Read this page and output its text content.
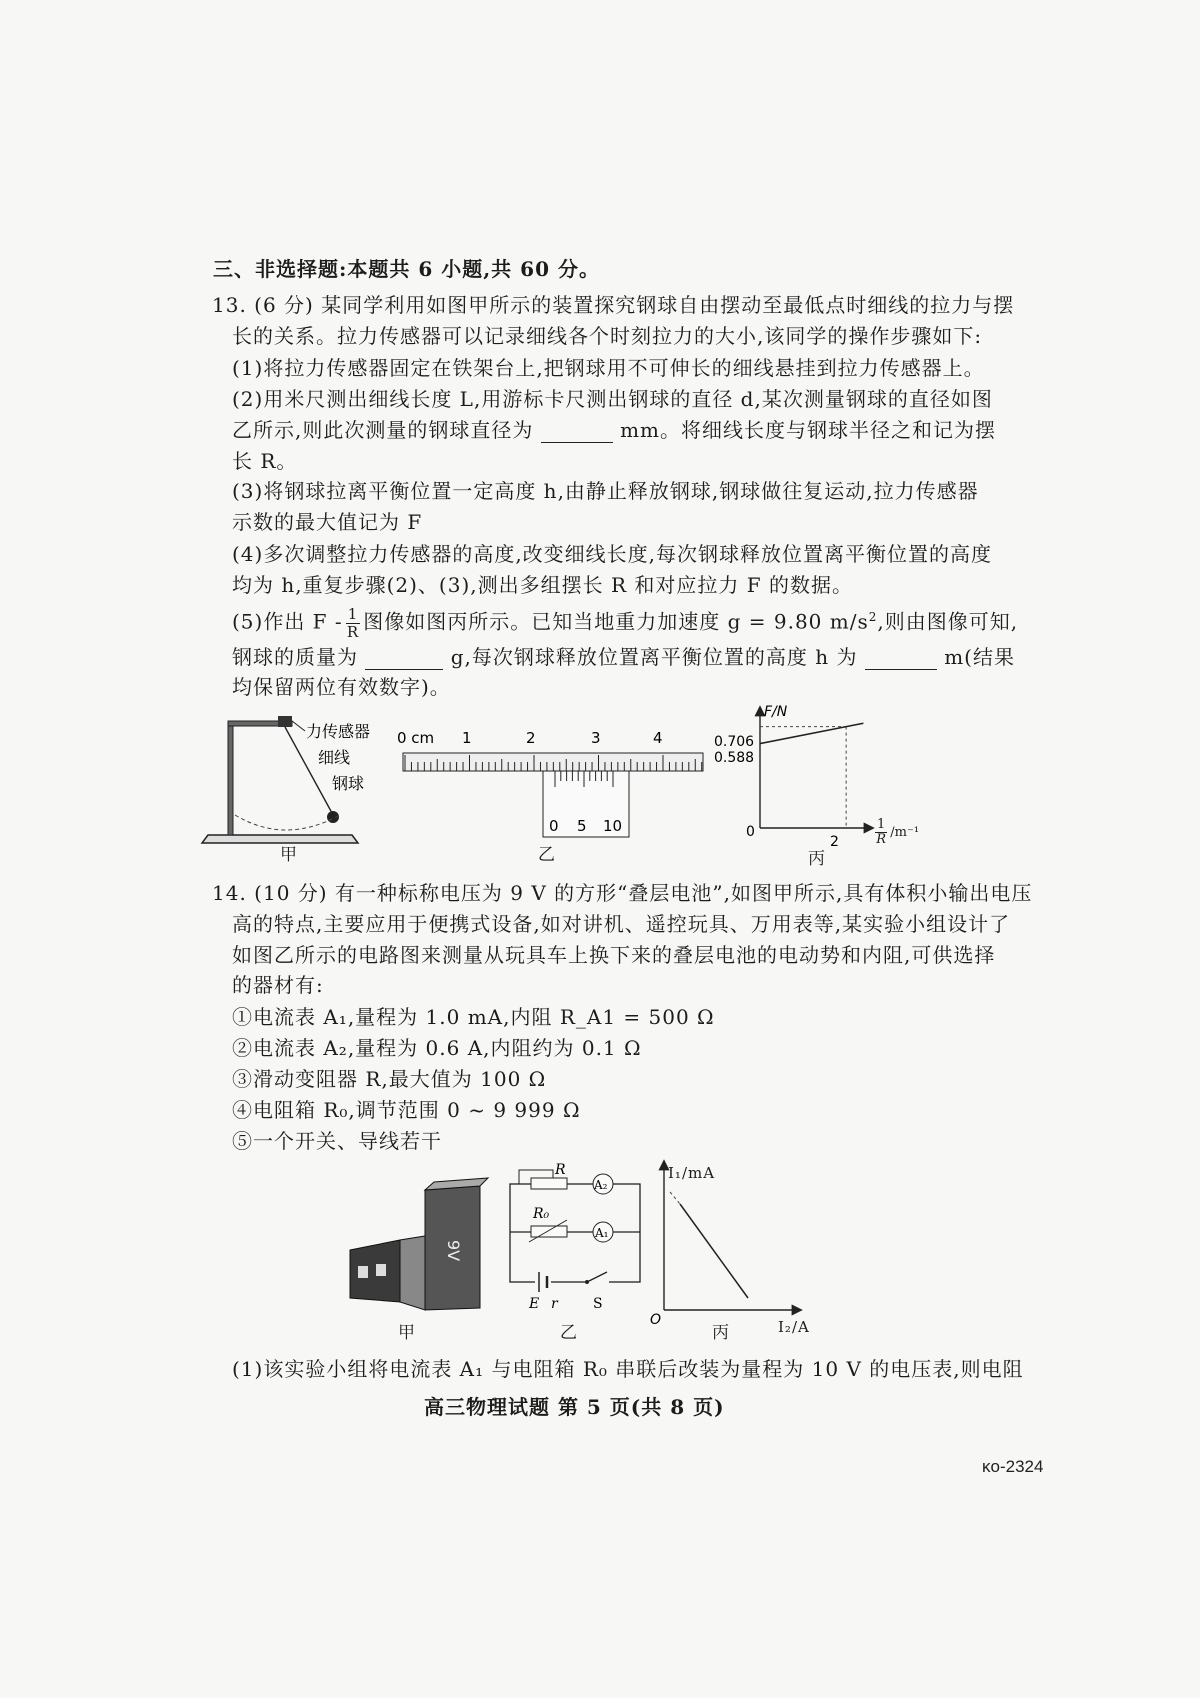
三、非选择题:本题共 6 小题,共 60 分。
13. (6 分) 某同学利用如图甲所示的装置探究钢球自由摆动至最低点时细线的拉力与摆
长的关系。拉力传感器可以记录细线各个时刻拉力的大小,该同学的操作步骤如下:
(1)将拉力传感器固定在铁架台上,把钢球用不可伸长的细线悬挂到拉力传感器上。
(2)用米尺测出细线长度 L,用游标卡尺测出钢球的直径 d,某次测量钢球的直径如图
乙所示,则此次测量的钢球直径为	mm。将细线长度与钢球半径之和记为摆
长 R。
(3)将钢球拉离平衡位置一定高度 h,由静止释放钢球,钢球做往复运动,拉力传感器
示数的最大值记为 F
(4)多次调整拉力传感器的高度,改变细线长度,每次钢球释放位置离平衡位置的高度
均为 h,重复步骤(2)、(3),测出多组摆长 R 和对应拉力 F 的数据。
(5)作出 F - $\frac{1}{R}$ 图像如图丙所示。已知当地重力加速度 g = 9.80 $m/s^2$,则由图像可知,
钢球的质量为	g,每次钢球释放位置离平衡位置的高度 h 为	m(结果
均保留两位有效数字)。
力传感器
细线
钢球
甲
0 cm 1	2	3	4
0 5 10
乙
F/N
0.706
0.588
0
2	$\frac{1}{R} /m^{-1}$
丙
14. (10 分) 有一种标称电压为 9 V 的方形“叠层电池”,如图甲所示,具有体积小输出电压
高的特点,主要应用于便携式设备,如对讲机、遥控玩具、万用表等,某实验小组设计了
如图乙所示的电路图来测量从玩具车上换下来的叠层电池的电动势和内阻,可供选择
的器材有:
①电流表 A₁,量程为 1.0 mA,内阻 R_A1 = 500 Ω
②电流表 A₂,量程为 0.6 A,内阻约为 0.1 Ω
③滑动变阻器 R,最大值为 100 Ω
④电阻箱 R₀,调节范围 0 ~ 9 999 Ω
⑤一个开关、导线若干
9V
甲
R
A₂
R₀
A₁
E r	S
乙
O
I₁/mA
I₂/A
丙
(1)该实验小组将电流表 A₁ 与电阻箱 R₀ 串联后改装为量程为 10 V 的电压表,则电阻
高三物理试题 第 5 页(共 8 页)
κo-2324
